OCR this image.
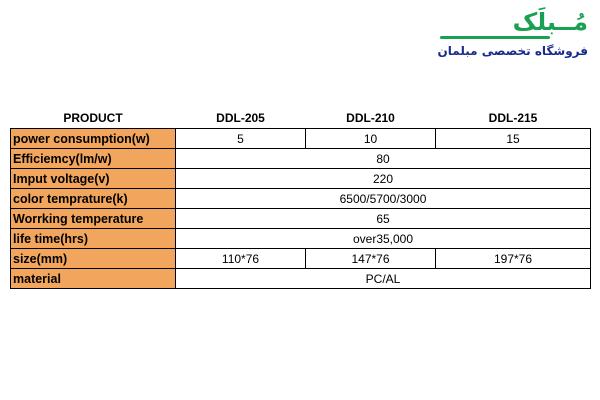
مُــبلَک
فروشگاه تخصصی مبلمان
PRODUCT	DDL-205	DDL-210	DDL-215
power consumption(w)	5	10	15
Efficiemcy(lm/w)	80		
Imput voltage(v)	220		
color temprature(k)	6500/5700/3000		
Worrking temperature	65		
life time(hrs)	over35,000		
size(mm)	110*76	147*76	197*76
material	PC/AL		
